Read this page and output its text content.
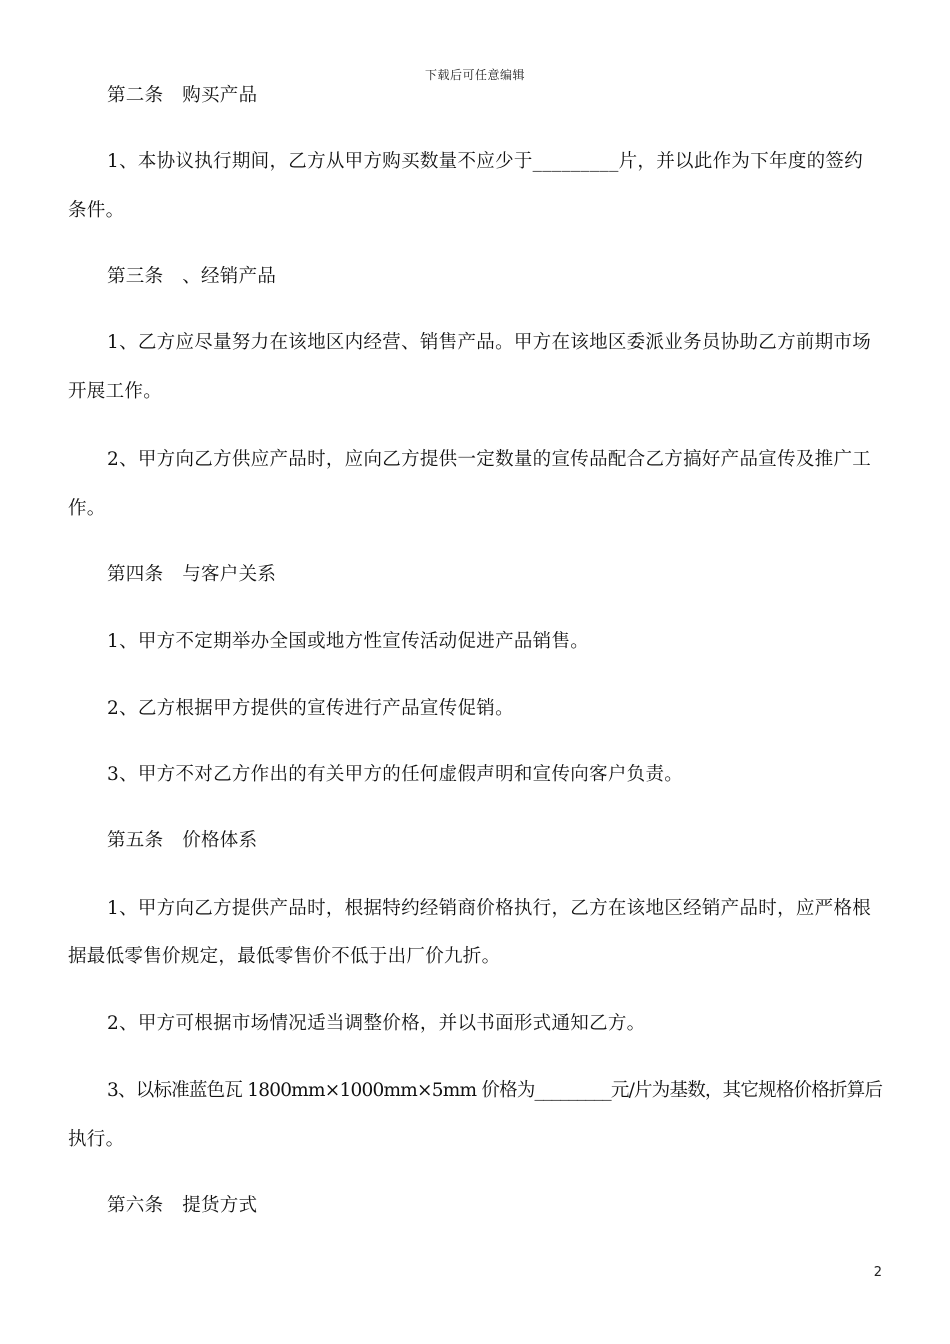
下载后可任意编辑
第二条　购买产品
1、本协议执行期间，乙方从甲方购买数量不应少于_________片，并以此作为下年度的签约
条件。
第三条　、经销产品
1、乙方应尽量努力在该地区内经营、销售产品。甲方在该地区委派业务员协助乙方前期市场
开展工作。
2、甲方向乙方供应产品时，应向乙方提供一定数量的宣传品配合乙方搞好产品宣传及推广工
作。
第四条　与客户关系
1、甲方不定期举办全国或地方性宣传活动促进产品销售。
2、乙方根据甲方提供的宣传进行产品宣传促销。
3、甲方不对乙方作出的有关甲方的任何虚假声明和宣传向客户负责。
第五条　价格体系
1、甲方向乙方提供产品时，根据特约经销商价格执行，乙方在该地区经销产品时，应严格根
据最低零售价规定，最低零售价不低于出厂价九折。
2、甲方可根据市场情况适当调整价格，并以书面形式通知乙方。
3、以标准蓝色瓦 1800mm×1000mm×5mm 价格为_________元/片为基数，其它规格价格折算后
执行。
第六条　提货方式
2
